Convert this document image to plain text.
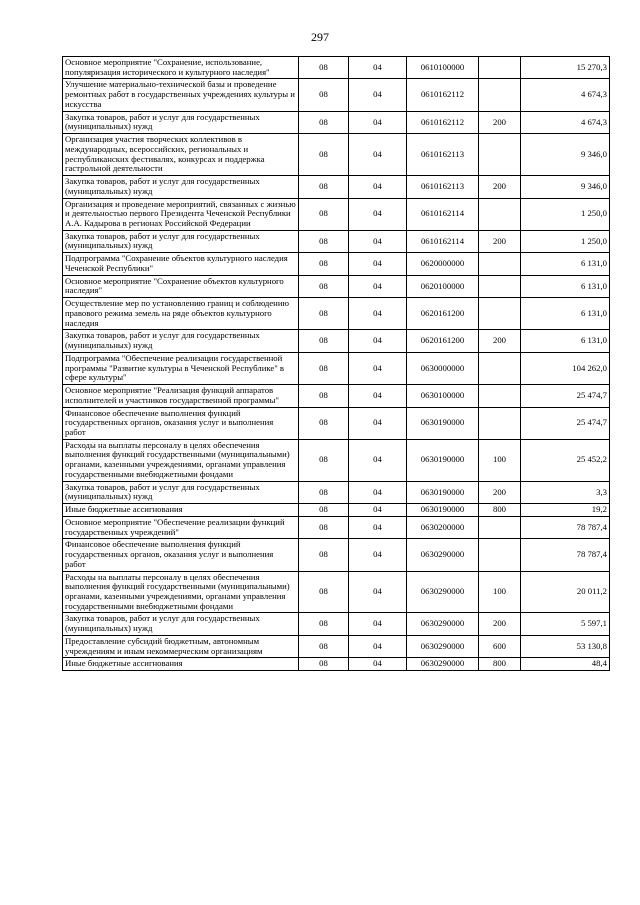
297
Основное мероприятие "Сохранение, использование, популяризация исторического и культурного наследия"	08	04	0610100000		15 270,3
Улучшение материально-технической базы и проведение ремонтных работ в государственных учреждениях культуры и искусства	08	04	0610162112		4 674,3
Закупка товаров, работ и услуг для государственных (муниципальных) нужд	08	04	0610162112	200	4 674,3
Организация участия творческих коллективов в международных, всероссийских, региональных и республиканских фестивалях, конкурсах и поддержка гастрольной деятельности	08	04	0610162113		9 346,0
Закупка товаров, работ и услуг для государственных (муниципальных) нужд	08	04	0610162113	200	9 346,0
Организация и проведение мероприятий, связанных с жизнью и деятельностью первого Президента Чеченской Республики А.А. Кадырова в регионах Российской Федерации	08	04	0610162114		1 250,0
Закупка товаров, работ и услуг для государственных (муниципальных) нужд	08	04	0610162114	200	1 250,0
Подпрограмма "Сохранение объектов культурного наследия Чеченской Республики"	08	04	0620000000		6 131,0
Основное мероприятие "Сохранение объектов культурного наследия"	08	04	0620100000		6 131,0
Осуществление мер по установлению границ и соблюдению правового режима земель на ряде объектов культурного наследия	08	04	0620161200		6 131,0
Закупка товаров, работ и услуг для государственных (муниципальных) нужд	08	04	0620161200	200	6 131,0
Подпрограмма "Обеспечение реализации государственной программы "Развитие культуры в Чеченской Республике" в сфере культуры"	08	04	0630000000		104 262,0
Основное мероприятие "Реализация функций аппаратов исполнителей и участников государственной программы"	08	04	0630100000		25 474,7
Финансовое обеспечение выполнения функций государственных органов, оказания услуг и выполнения работ	08	04	0630190000		25 474,7
Расходы на выплаты персоналу в целях обеспечения выполнения функций государственными (муниципальными) органами, казенными учреждениями, органами управления государственными внебюджетными фондами	08	04	0630190000	100	25 452,2
Закупка товаров, работ и услуг для государственных (муниципальных) нужд	08	04	0630190000	200	3,3
Иные бюджетные ассигнования	08	04	0630190000	800	19,2
Основное мероприятие "Обеспечение реализации функций государственных учреждений"	08	04	0630200000		78 787,4
Финансовое обеспечение выполнения функций государственных органов, оказания услуг и выполнения работ	08	04	0630290000		78 787,4
Расходы на выплаты персоналу в целях обеспечения выполнения функций государственными (муниципальными) органами, казенными учреждениями, органами управления государственными внебюджетными фондами	08	04	0630290000	100	20 011,2
Закупка товаров, работ и услуг для государственных (муниципальных) нужд	08	04	0630290000	200	5 597,1
Предоставление субсидий бюджетным, автономным учреждениям и иным некоммерческим организациям	08	04	0630290000	600	53 130,8
Иные бюджетные ассигнования	08	04	0630290000	800	48,4
